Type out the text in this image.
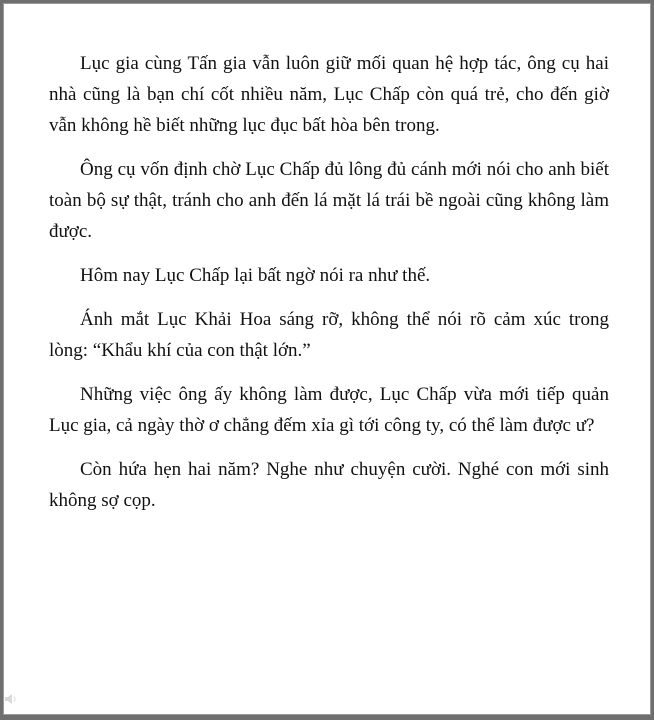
Lục gia cùng Tấn gia vẫn luôn giữ mối quan hệ hợp tác, ông cụ hai nhà cũng là bạn chí cốt nhiều năm, Lục Chấp còn quá trẻ, cho đến giờ vẫn không hề biết những lục đục bất hòa bên trong.

Ông cụ vốn định chờ Lục Chấp đủ lông đủ cánh mới nói cho anh biết toàn bộ sự thật, tránh cho anh đến lá mặt lá trái bề ngoài cũng không làm được.

Hôm nay Lục Chấp lại bất ngờ nói ra như thế.

Ánh mắt Lục Khải Hoa sáng rỡ, không thể nói rõ cảm xúc trong lòng: “Khẩu khí của con thật lớn.”

Những việc ông ấy không làm được, Lục Chấp vừa mới tiếp quản Lục gia, cả ngày thờ ơ chẳng đếm xỉa gì tới công ty, có thể làm được ư?

Còn hứa hẹn hai năm? Nghe như chuyện cười. Nghé con mới sinh không sợ cọp.
